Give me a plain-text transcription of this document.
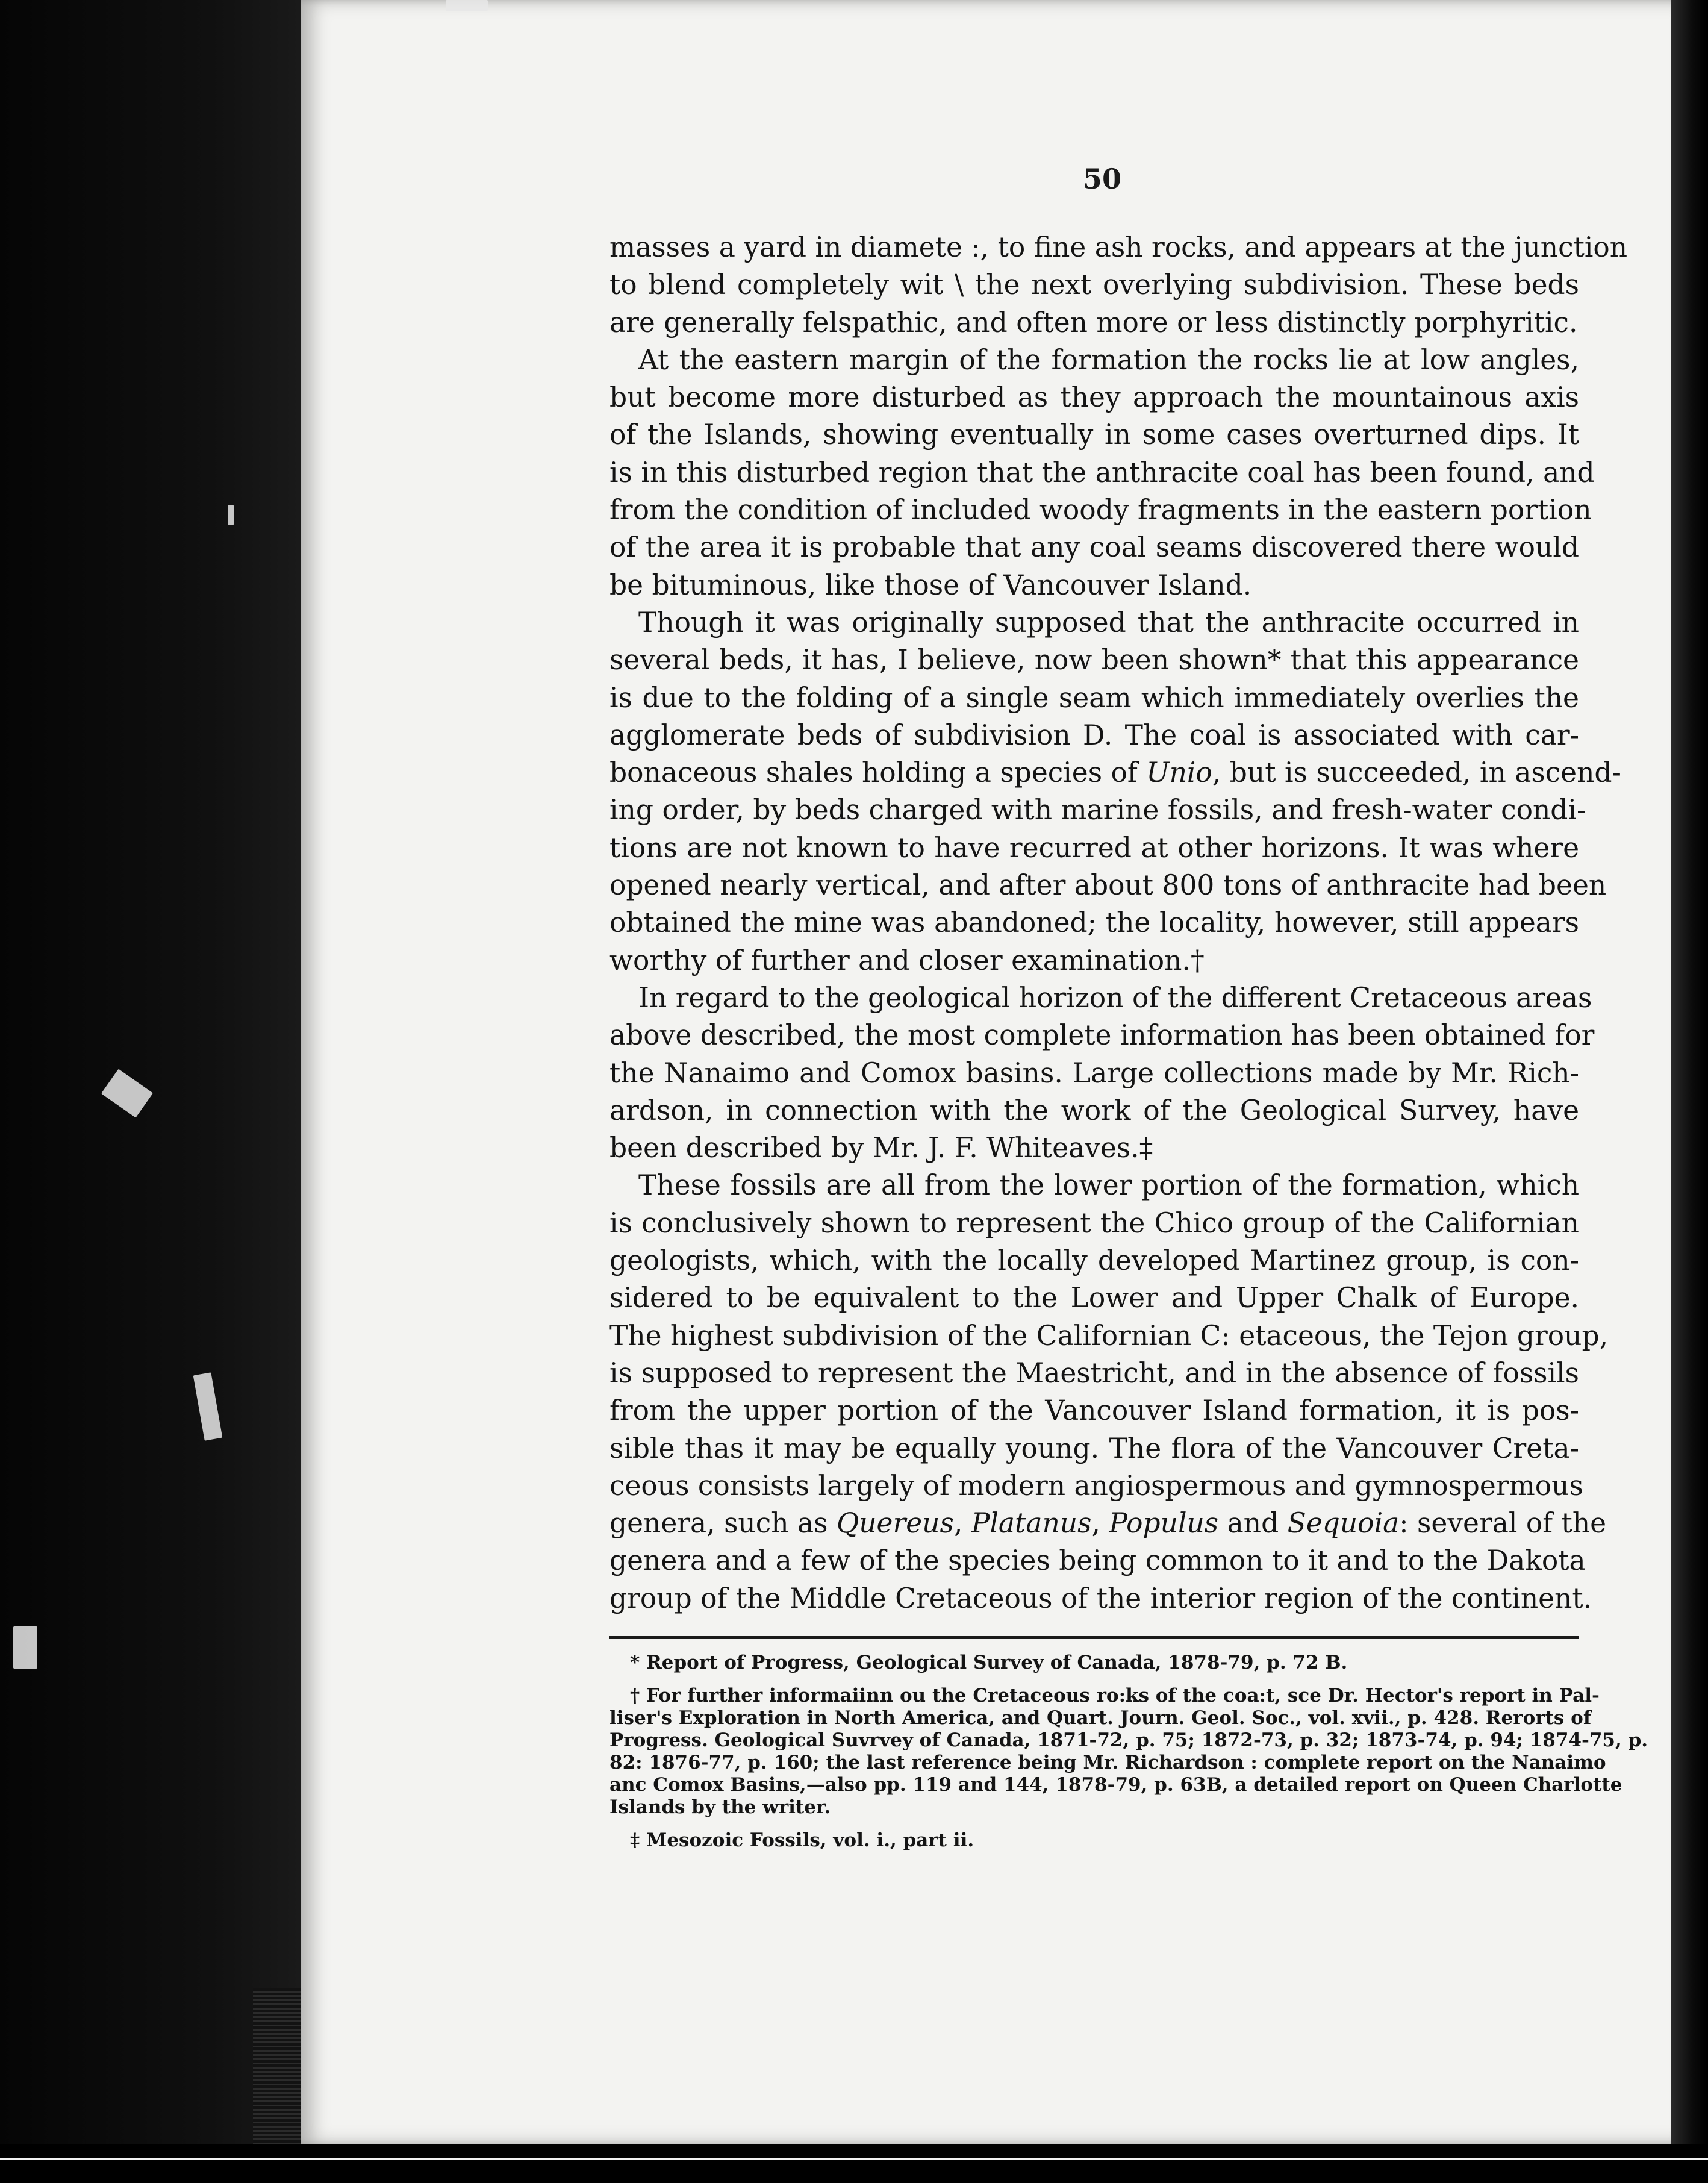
50
masses a yard in diamete :, to fine ash rocks, and appears at the junction
to blend completely wit \ the next overlying subdivision. These beds
are generally felspathic, and often more or less distinctly porphyritic.
At the eastern margin of the formation the rocks lie at low angles,
but become more disturbed as they approach the mountainous axis
of the Islands, showing eventually in some cases overturned dips. It
is in this disturbed region that the anthracite coal has been found, and
from the condition of included woody fragments in the eastern portion
of the area it is probable that any coal seams discovered there would
be bituminous, like those of Vancouver Island.
Though it was originally supposed that the anthracite occurred in
several beds, it has, I believe, now been shown* that this appearance
is due to the folding of a single seam which immediately overlies the
agglomerate beds of subdivision D. The coal is associated with car-
bonaceous shales holding a species of Unio, but is succeeded, in ascend-
ing order, by beds charged with marine fossils, and fresh-water condi-
tions are not known to have recurred at other horizons. It was where
opened nearly vertical, and after about 800 tons of anthracite had been
obtained the mine was abandoned; the locality, however, still appears
worthy of further and closer examination.†
In regard to the geological horizon of the different Cretaceous areas
above described, the most complete information has been obtained for
the Nanaimo and Comox basins. Large collections made by Mr. Rich-
ardson, in connection with the work of the Geological Survey, have
been described by Mr. J. F. Whiteaves.‡
These fossils are all from the lower portion of the formation, which
is conclusively shown to represent the Chico group of the Californian
geologists, which, with the locally developed Martinez group, is con-
sidered to be equivalent to the Lower and Upper Chalk of Europe.
The highest subdivision of the Californian C: etaceous, the Tejon group,
is supposed to represent the Maestricht, and in the absence of fossils
from the upper portion of the Vancouver Island formation, it is pos-
sible thas it may be equally young. The flora of the Vancouver Creta-
ceous consists largely of modern angiospermous and gymnospermous
genera, such as Quereus, Platanus, Populus and Sequoia: several of the
genera and a few of the species being common to it and to the Dakota
group of the Middle Cretaceous of the interior region of the continent.
* Report of Progress, Geological Survey of Canada, 1878-79, p. 72 B.
† For further informaiinn ou the Cretaceous ro:ks of the coa:t, sce Dr. Hector's report in Pal-
liser's Exploration in North America, and Quart. Journ. Geol. Soc., vol. xvii., p. 428. Rerorts of
Progress. Geological Suvrvey of Canada, 1871-72, p. 75; 1872-73, p. 32; 1873-74, p. 94; 1874-75, p.
82: 1876-77, p. 160; the last reference being Mr. Richardson : complete report on the Nanaimo
anc Comox Basins,—also pp. 119 and 144, 1878-79, p. 63B, a detailed report on Queen Charlotte
Islands by the writer.
‡ Mesozoic Fossils, vol. i., part ii.
